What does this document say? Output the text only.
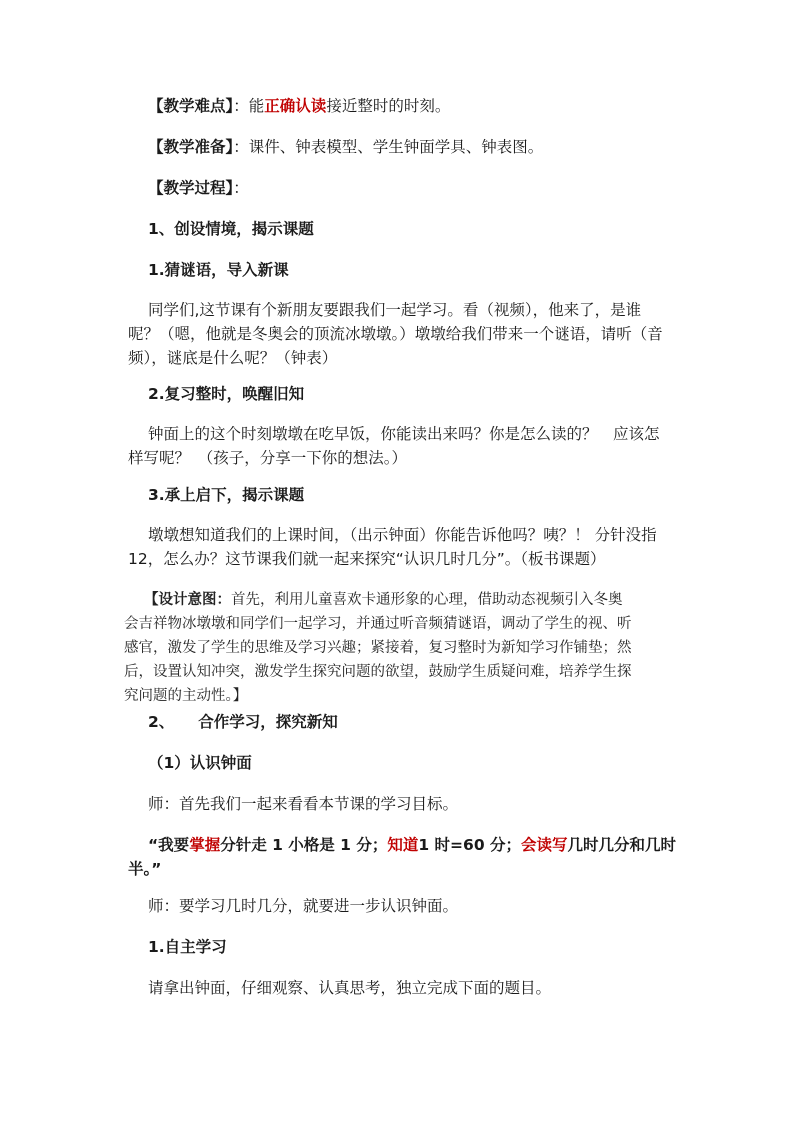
【教学难点】：能正确认读接近整时的时刻。
【教学准备】：课件、钟表模型、学生钟面学具、钟表图。
【教学过程】：
1、创设情境，揭示课题
1.猜谜语，导入新课
同学们,这节课有个新朋友要跟我们一起学习。看（视频），他来了，是谁
呢？（嗯，他就是冬奥会的顶流冰墩墩。）墩墩给我们带来一个谜语，请听（音
频），谜底是什么呢？（钟表）
2.复习整时，唤醒旧知
钟面上的这个时刻墩墩在吃早饭，你能读出来吗？你是怎么读的？　应该怎
样写呢？　（孩子，分享一下你的想法。）
3.承上启下，揭示课题
墩墩想知道我们的上课时间，（出示钟面）你能告诉他吗？咦？！ 分针没指
12，怎么办？这节课我们就一起来探究“认识几时几分”。（板书课题）
【设计意图：首先，利用儿童喜欢卡通形象的心理，借助动态视频引入冬奥
会吉祥物冰墩墩和同学们一起学习，并通过听音频猜谜语，调动了学生的视、听
感官，激发了学生的思维及学习兴趣；紧接着，复习整时为新知学习作铺垫；然
后，设置认知冲突，激发学生探究问题的欲望，鼓励学生质疑问难，培养学生探
究问题的主动性。】
2、 合作学习，探究新知
（1）认识钟面
师：首先我们一起来看看本节课的学习目标。
“我要掌握分针走 1 小格是 1 分；知道1 时=60 分；会读写几时几分和几时
半。”
师：要学习几时几分，就要进一步认识钟面。
1.自主学习
请拿出钟面，仔细观察、认真思考，独立完成下面的题目。
